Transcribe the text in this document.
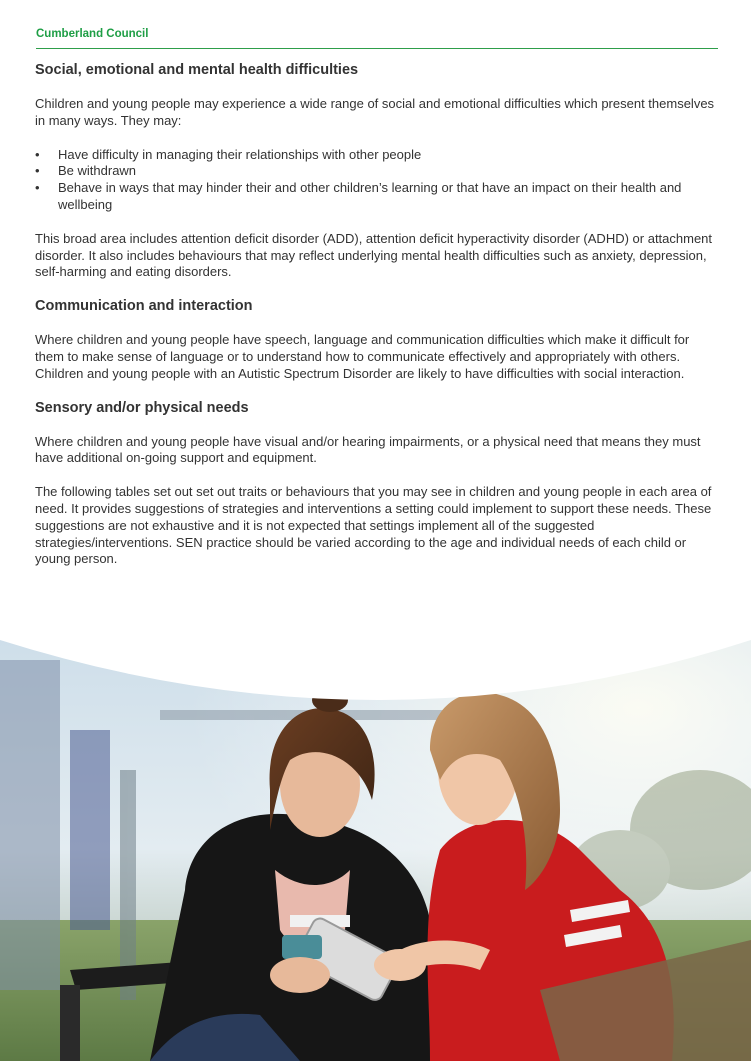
Cumberland Council
Social, emotional and mental health difficulties

Children and young people may experience a wide range of social and emotional difficulties which present themselves in many ways. They may:

• Have difficulty in managing their relationships with other people
• Be withdrawn
• Behave in ways that may hinder their and other children’s learning or that have an impact on their health and wellbeing

This broad area includes attention deficit disorder (ADD), attention deficit hyperactivity disorder (ADHD) or attachment disorder. It also includes behaviours that may reflect underlying mental health difficulties such as anxiety, depression, self-harming and eating disorders.

Communication and interaction

Where children and young people have speech, language and communication difficulties which make it difficult for them to make sense of language or to understand how to communicate effectively and appropriately with others.

Children and young people with an Autistic Spectrum Disorder are likely to have difficulties with social interaction.

Sensory and/or physical needs

Where children and young people have visual and/or hearing impairments, or a physical need that means they must have additional on-going support and equipment.

The following tables set out set out traits or behaviours that you may see in children and young people in each area of need. It provides suggestions of strategies and interventions a setting could implement to support these needs. These suggestions are not exhaustive and it is not expected that settings implement all of the suggested strategies/interventions. SEN practice should be varied according to the age and individual needs of each child or young person.
